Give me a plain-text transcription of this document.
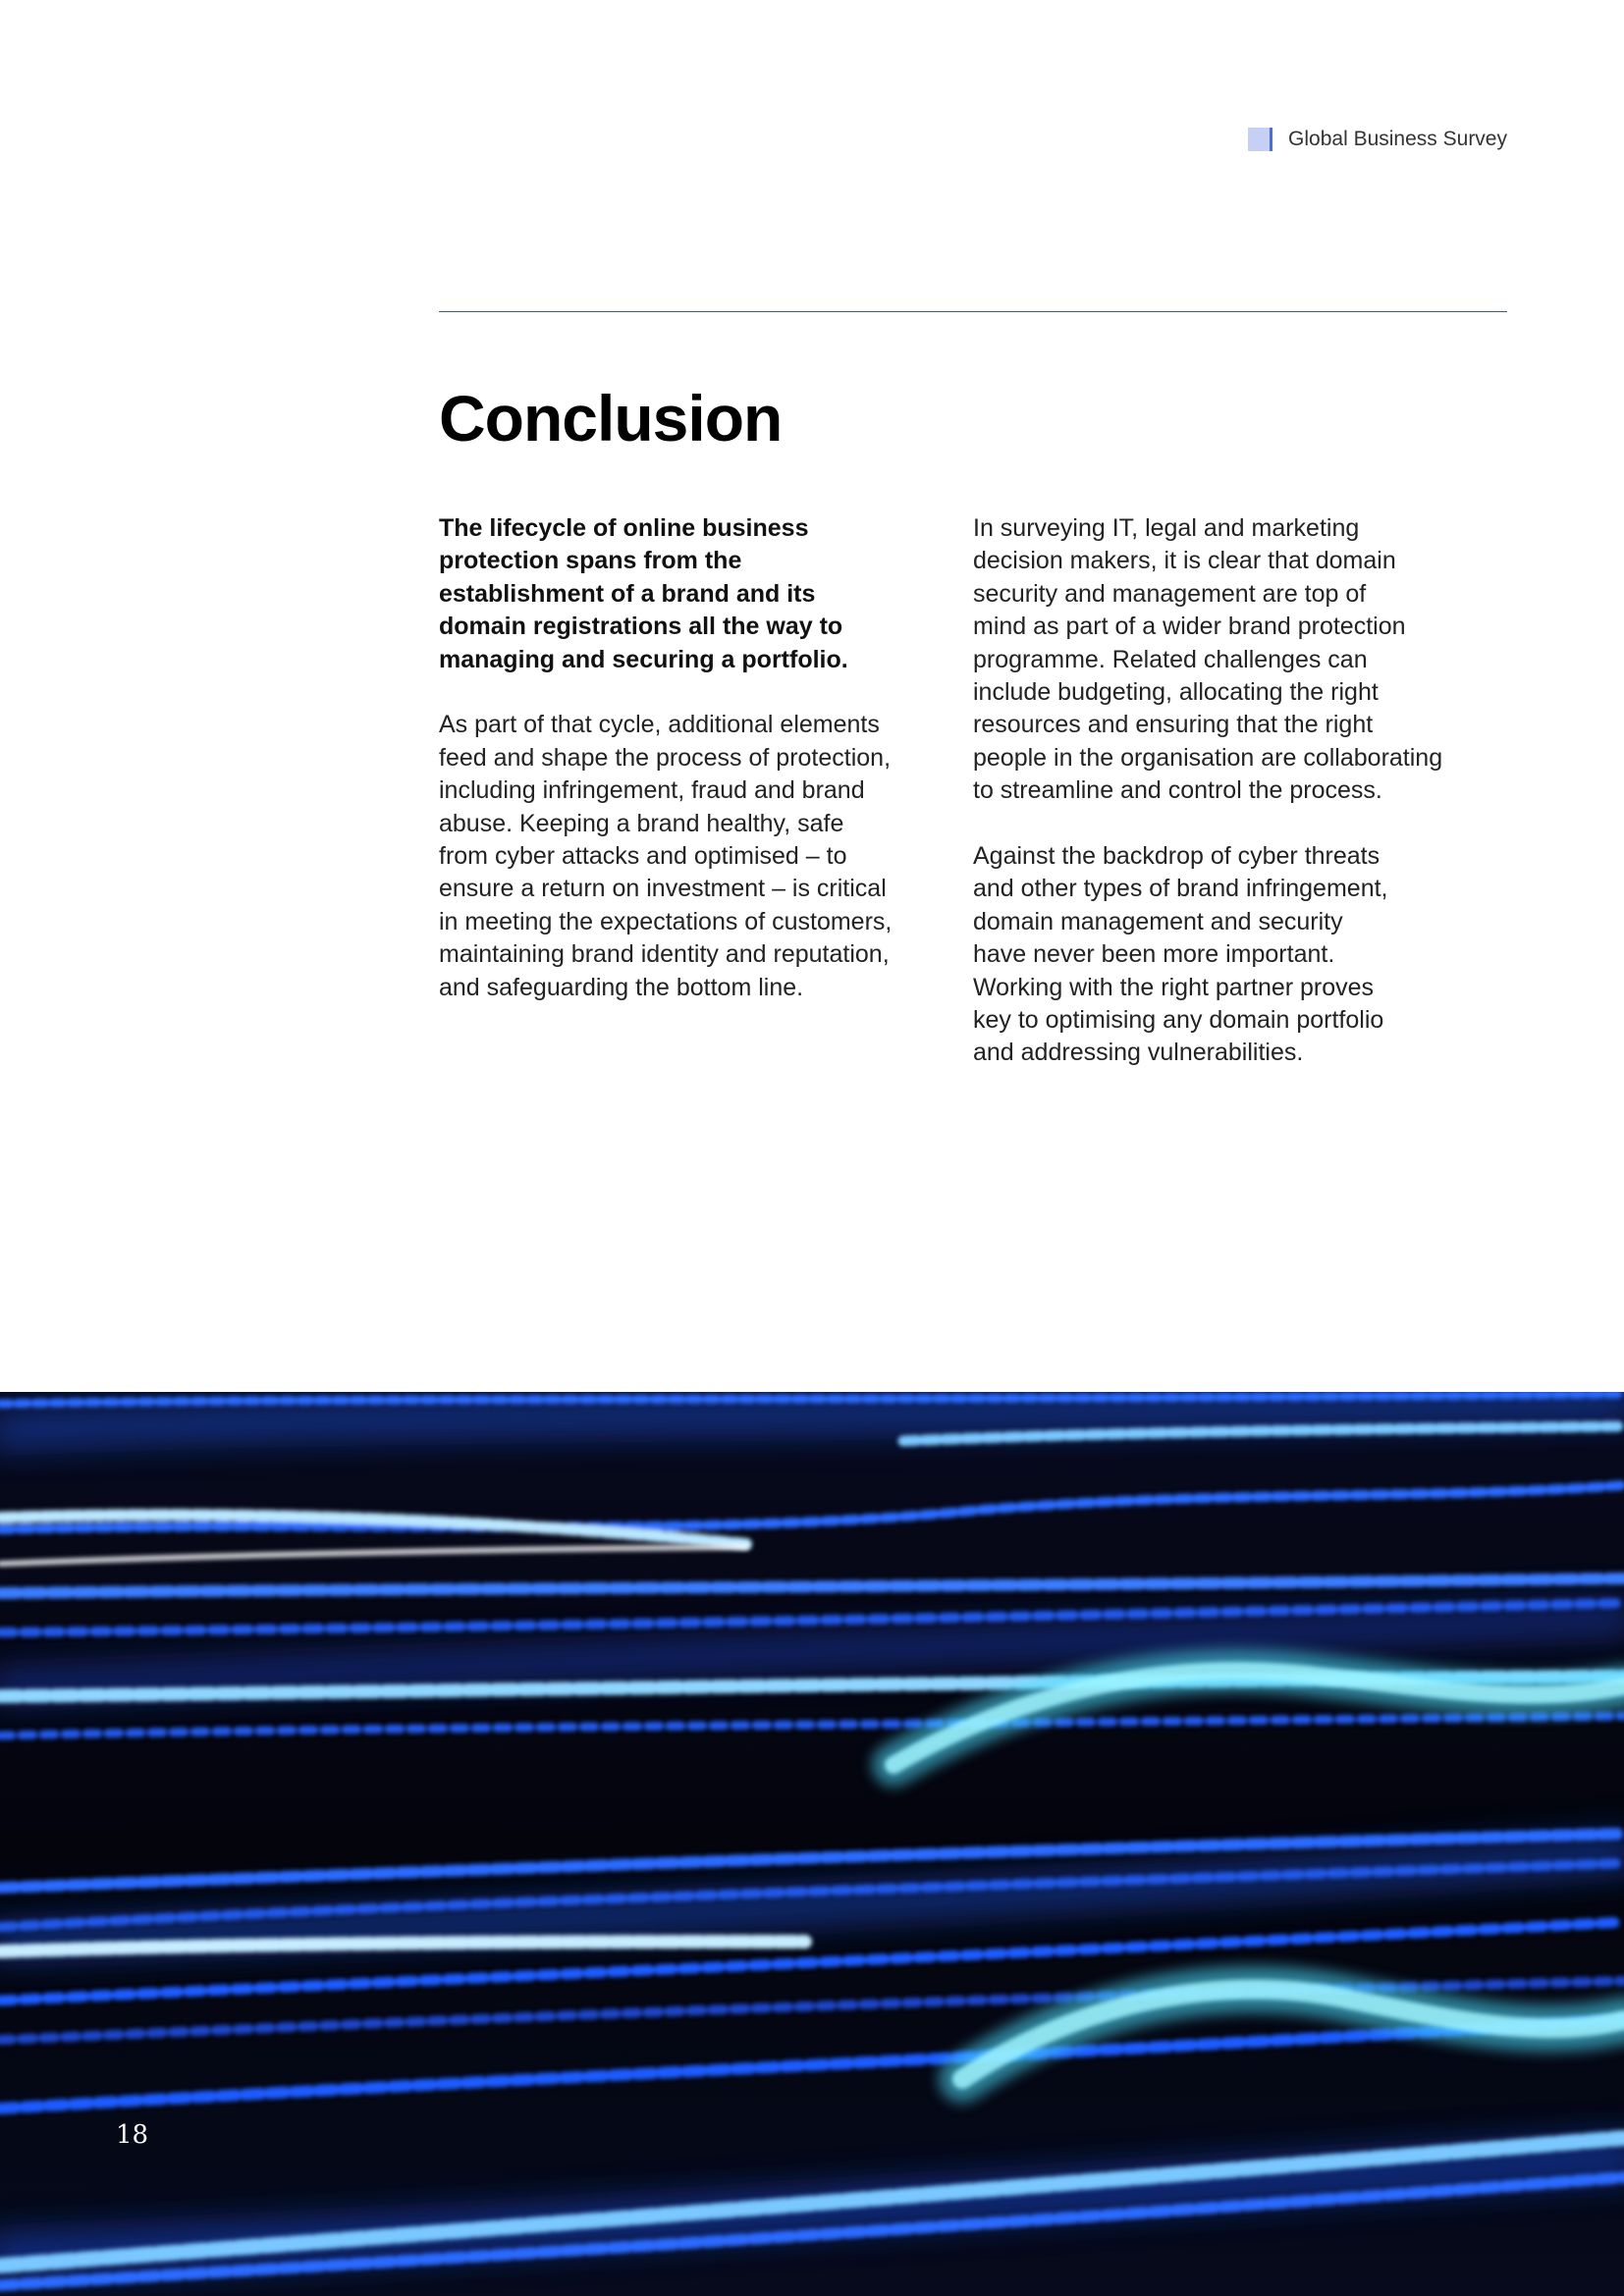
Global Business Survey
Conclusion

The lifecycle of online business
protection spans from the
establishment of a brand and its
domain registrations all the way to
managing and securing a portfolio.

As part of that cycle, additional elements
feed and shape the process of protection,
including infringement, fraud and brand
abuse. Keeping a brand healthy, safe
from cyber attacks and optimised – to
ensure a return on investment – is critical
in meeting the expectations of customers,
maintaining brand identity and reputation,
and safeguarding the bottom line.

In surveying IT, legal and marketing
decision makers, it is clear that domain
security and management are top of
mind as part of a wider brand protection
programme. Related challenges can
include budgeting, allocating the right
resources and ensuring that the right
people in the organisation are collaborating
to streamline and control the process.

Against the backdrop of cyber threats
and other types of brand infringement,
domain management and security
have never been more important.
Working with the right partner proves
key to optimising any domain portfolio
and addressing vulnerabilities.

18
